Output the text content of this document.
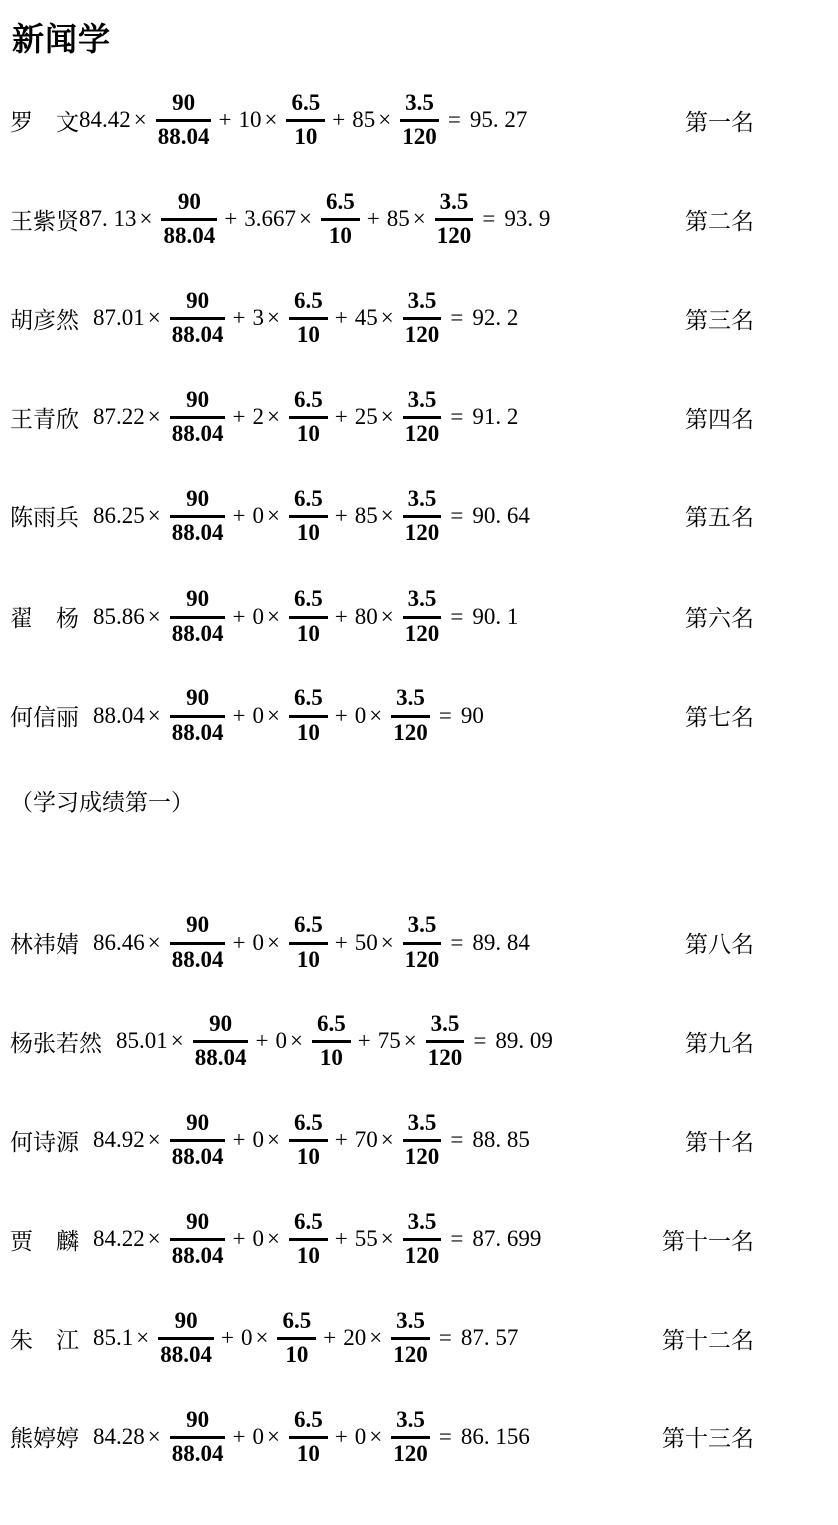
新闻学
罗　文 $84.42 \times \frac{90}{88.04} + 10 \times \frac{6.5}{10} + 85 \times \frac{3.5}{120} = 95$. 27	第一名
王紫贤 87. $13 \times \frac{90}{88.04} + 3.667 \times \frac{6.5}{10} + 85 \times \frac{3.5}{120} = 93$. 9	第二名
胡彦然 $87.01 \times \frac{90}{88.04} + 3 \times \frac{6.5}{10} + 45 \times \frac{3.5}{120} = 92$. 2	第三名
王青欣 $87.22 \times \frac{90}{88.04} + 2 \times \frac{6.5}{10} + 25 \times \frac{3.5}{120} = 91$. 2	第四名
陈雨兵 $86.25 \times \frac{90}{88.04} + 0 \times \frac{6.5}{10} + 85 \times \frac{3.5}{120} = 90$. 64	第五名
翟　杨 $85.86 \times \frac{90}{88.04} + 0 \times \frac{6.5}{10} + 80 \times \frac{3.5}{120} = 90$. 1	第六名
何信丽 $88.04 \times \frac{90}{88.04} + 0 \times \frac{6.5}{10} + 0 \times \frac{3.5}{120} = 90$	第七名
（学习成绩第一）
林祎婧 $86.46 \times \frac{90}{88.04} + 0 \times \frac{6.5}{10} + 50 \times \frac{3.5}{120} = 89$. 84	第八名
杨张若然 $85.01 \times \frac{90}{88.04} + 0 \times \frac{6.5}{10} + 75 \times \frac{3.5}{120} = 89$. 09	第九名
何诗源 $84.92 \times \frac{90}{88.04} + 0 \times \frac{6.5}{10} + 70 \times \frac{3.5}{120} = 88$. 85	第十名
贾　麟 $84.22 \times \frac{90}{88.04} + 0 \times \frac{6.5}{10} + 55 \times \frac{3.5}{120} = 87$. 699	第十一名
朱　江 $85.1 \times \frac{90}{88.04} + 0 \times \frac{6.5}{10} + 20 \times \frac{3.5}{120} = 87$. 57	第十二名
熊婷婷 $84.28 \times \frac{90}{88.04} + 0 \times \frac{6.5}{10} + 0 \times \frac{3.5}{120} = 86$. 156	第十三名
